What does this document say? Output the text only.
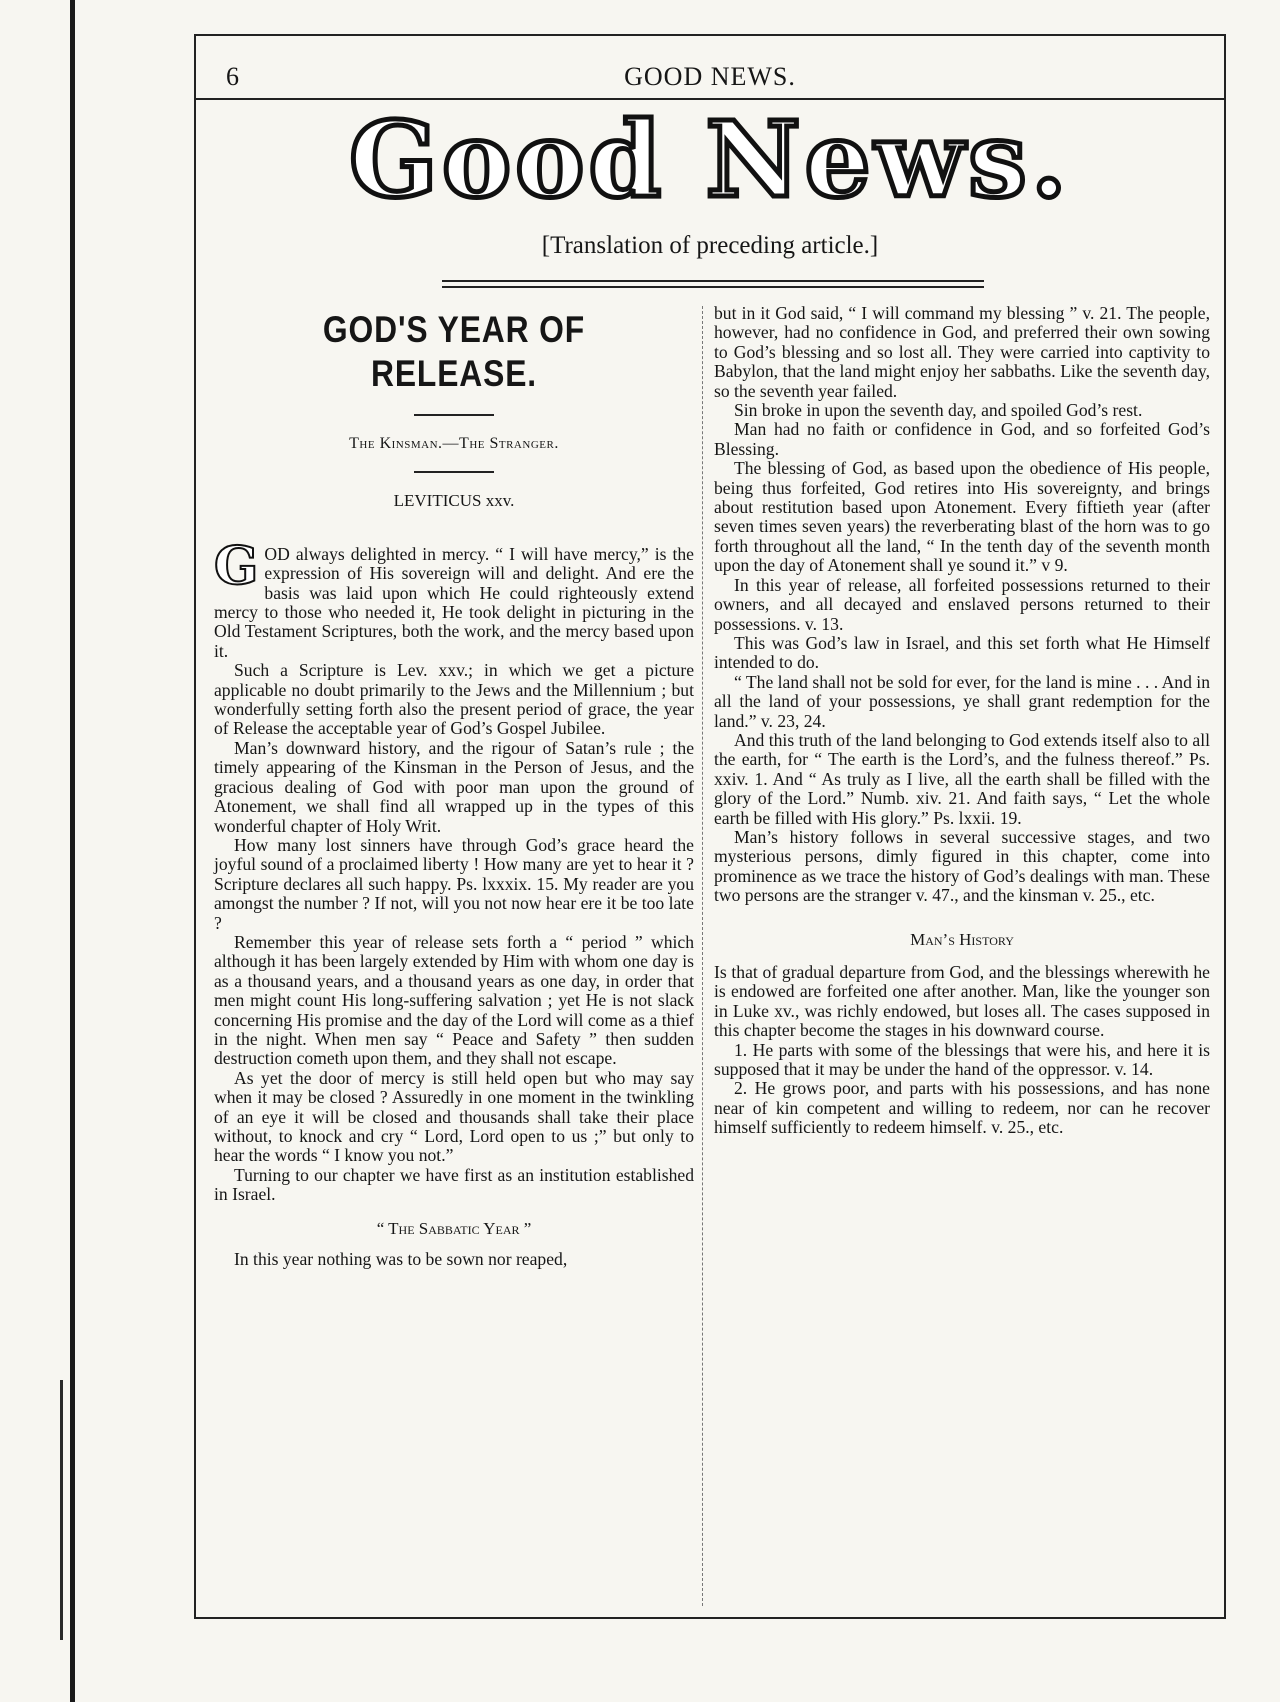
6	GOOD NEWS.
Good News.
[Translation of preceding article.]
GOD'S YEAR OF RELEASE.
The Kinsman.—The Stranger.
LEVITICUS xxv.

GOD always delighted in mercy. “ I will have mercy,” is the expression of His sovereign will and delight. And ere the basis was laid upon which He could righteously extend mercy to those who needed it, He took delight in picturing in the Old Testament Scriptures, both the work, and the mercy based upon it.

Such a Scripture is Lev. xxv.; in which we get a picture applicable no doubt primarily to the Jews and the Millennium ; but wonderfully setting forth also the present period of grace, the year of Release the acceptable year of God’s Gospel Jubilee.

Man’s downward history, and the rigour of Satan’s rule ; the timely appearing of the Kinsman in the Person of Jesus, and the gracious dealing of God with poor man upon the ground of Atonement, we shall find all wrapped up in the types of this wonderful chapter of Holy Writ.

How many lost sinners have through God’s grace heard the joyful sound of a proclaimed liberty ! How many are yet to hear it ? Scripture declares all such happy. Ps. lxxxix. 15. My reader are you amongst the number ? If not, will you not now hear ere it be too late ?

Remember this year of release sets forth a “ period ” which although it has been largely extended by Him with whom one day is as a thousand years, and a thousand years as one day, in order that men might count His long-suffering salvation ; yet He is not slack concerning His promise and the day of the Lord will come as a thief in the night. When men say “ Peace and Safety ” then sudden destruction cometh upon them, and they shall not escape.

As yet the door of mercy is still held open but who may say when it may be closed ? Assuredly in one moment in the twinkling of an eye it will be closed and thousands shall take their place without, to knock and cry “ Lord, Lord open to us ;” but only to hear the words “ I know you not.”

Turning to our chapter we have first as an institution established in Israel.

“ The Sabbatic Year ”

In this year nothing was to be sown nor reaped,

but in it God said, “ I will command my blessing ” v. 21. The people, however, had no confidence in God, and preferred their own sowing to God’s blessing and so lost all. They were carried into captivity to Babylon, that the land might enjoy her sabbaths. Like the seventh day, so the seventh year failed.

Sin broke in upon the seventh day, and spoiled God’s rest.

Man had no faith or confidence in God, and so forfeited God’s Blessing.

The blessing of God, as based upon the obedience of His people, being thus forfeited, God retires into His sovereignty, and brings about restitution based upon Atonement. Every fiftieth year (after seven times seven years) the reverberating blast of the horn was to go forth throughout all the land, “ In the tenth day of the seventh month upon the day of Atonement shall ye sound it.” v 9.

In this year of release, all forfeited possessions returned to their owners, and all decayed and enslaved persons returned to their possessions. v. 13.

This was God’s law in Israel, and this set forth what He Himself intended to do.

“ The land shall not be sold for ever, for the land is mine . . . And in all the land of your possessions, ye shall grant redemption for the land.” v. 23, 24.

And this truth of the land belonging to God extends itself also to all the earth, for “ The earth is the Lord’s, and the fulness thereof.” Ps. xxiv. 1. And “ As truly as I live, all the earth shall be filled with the glory of the Lord.” Numb. xiv. 21. And faith says, “ Let the whole earth be filled with His glory.” Ps. lxxii. 19.

Man’s history follows in several successive stages, and two mysterious persons, dimly figured in this chapter, come into prominence as we trace the history of God’s dealings with man. These two persons are the stranger v. 47., and the kinsman v. 25., etc.

Man’s History

Is that of gradual departure from God, and the blessings wherewith he is endowed are forfeited one after another. Man, like the younger son in Luke xv., was richly endowed, but loses all. The cases supposed in this chapter become the stages in his downward course.

1. He parts with some of the blessings that were his, and here it is supposed that it may be under the hand of the oppressor. v. 14.

2. He grows poor, and parts with his possessions, and has none near of kin competent and willing to redeem, nor can he recover himself sufficiently to redeem himself. v. 25., etc.
